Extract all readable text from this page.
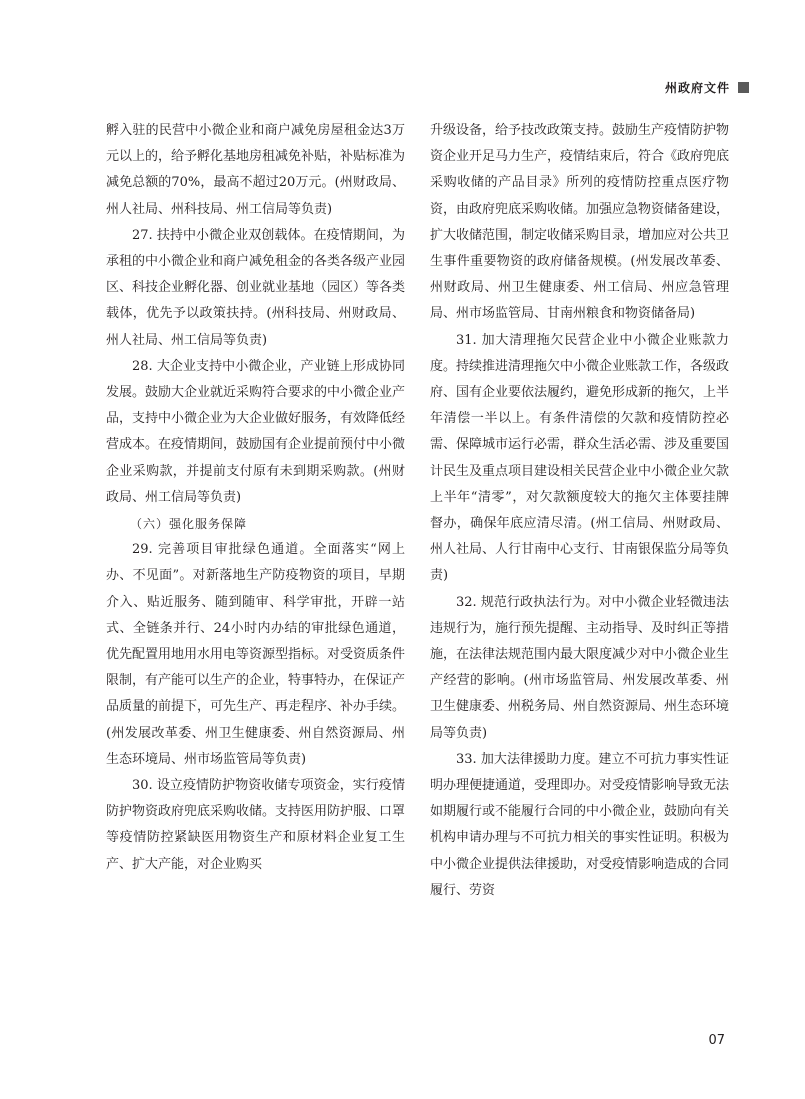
州政府文件

孵入驻的民营中小微企业和商户减免房屋租金达3万元以上的，给予孵化基地房租减免补贴，补贴标准为减免总额的70%，最高不超过20万元。(州财政局、州人社局、州科技局、州工信局等负责)

27. 扶持中小微企业双创载体。在疫情期间，为承租的中小微企业和商户减免租金的各类各级产业园区、科技企业孵化器、创业就业基地（园区）等各类载体，优先予以政策扶持。(州科技局、州财政局、州人社局、州工信局等负责)

28. 大企业支持中小微企业，产业链上形成协同发展。鼓励大企业就近采购符合要求的中小微企业产品，支持中小微企业为大企业做好服务，有效降低经营成本。在疫情期间，鼓励国有企业提前预付中小微企业采购款，并提前支付原有未到期采购款。(州财政局、州工信局等负责)

（六）强化服务保障

29. 完善项目审批绿色通道。全面落实“网上办、不见面”。对新落地生产防疫物资的项目，早期介入、贴近服务、随到随审、科学审批，开辟一站式、全链条并行、24小时内办结的审批绿色通道，优先配置用地用水用电等资源型指标。对受资质条件限制，有产能可以生产的企业，特事特办，在保证产品质量的前提下，可先生产、再走程序、补办手续。(州发展改革委、州卫生健康委、州自然资源局、州生态环境局、州市场监管局等负责)

30. 设立疫情防护物资收储专项资金，实行疫情防护物资政府兜底采购收储。支持医用防护服、口罩等疫情防控紧缺医用物资生产和原材料企业复工生产、扩大产能，对企业购买

升级设备，给予技改政策支持。鼓励生产疫情防护物资企业开足马力生产，疫情结束后，符合《政府兜底采购收储的产品目录》所列的疫情防控重点医疗物资，由政府兜底采购收储。加强应急物资储备建设，扩大收储范围，制定收储采购目录，增加应对公共卫生事件重要物资的政府储备规模。(州发展改革委、州财政局、州卫生健康委、州工信局、州应急管理局、州市场监管局、甘南州粮食和物资储备局)

31. 加大清理拖欠民营企业中小微企业账款力度。持续推进清理拖欠中小微企业账款工作，各级政府、国有企业要依法履约，避免形成新的拖欠，上半年清偿一半以上。有条件清偿的欠款和疫情防控必需、保障城市运行必需，群众生活必需、涉及重要国计民生及重点项目建设相关民营企业中小微企业欠款上半年“清零”，对欠款额度较大的拖欠主体要挂牌督办，确保年底应清尽清。(州工信局、州财政局、州人社局、人行甘南中心支行、甘南银保监分局等负责)

32. 规范行政执法行为。对中小微企业轻微违法违规行为，施行预先提醒、主动指导、及时纠正等措施，在法律法规范围内最大限度减少对中小微企业生产经营的影响。(州市场监管局、州发展改革委、州卫生健康委、州税务局、州自然资源局、州生态环境局等负责)

33. 加大法律援助力度。建立不可抗力事实性证明办理便捷通道，受理即办。对受疫情影响导致无法如期履行或不能履行合同的中小微企业，鼓励向有关机构申请办理与不可抗力相关的事实性证明。积极为中小微企业提供法律援助，对受疫情影响造成的合同履行、劳资

07
